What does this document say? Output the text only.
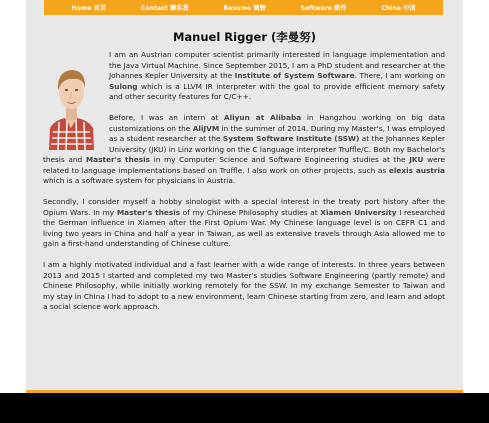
Home 首頁	Contact 聯系我	Resume 簡歷	Software 軟件	China 中国
Manuel Rigger (李曼努)

I am an Austrian computer scientist primarily interested in language implementation and the Java Virtual Machine. Since September 2015, I am a PhD student and researcher at the Johannes Kepler University at the Institute of System Software. There, I am working on Sulong which is a LLVM IR interpreter with the goal to provide efficient memory safety and other security features for C/C++.

Before, I was an intern at Aliyun at Alibaba in Hangzhou working on big data customizations on the AliJVM in the summer of 2014. During my Master's, I was employed as a student researcher at the System Software Institute (SSW) at the Johannes Kepler University (JKU) in Linz working on the C language interpreter Truffle/C. Both my Bachelor's thesis and Master's thesis in my Computer Science and Software Engineering studies at the JKU were related to language implementations based on Truffle. I also work on other projects, such as elexis austria which is a software system for physicians in Austria.

Secondly, I consider myself a hobby sinologist with a special interest in the treaty port history after the Opium Wars. In my Master's thesis of my Chinese Philosophy studies at Xiamen University I researched the German influence in Xiamen after the First Opium War. My Chinese language level is on CEFR C1 and living two years in China and half a year in Taiwan, as well as extensive travels through Asia allowed me to gain a first-hand understanding of Chinese culture.

I am a highly motivated individual and a fast learner with a wide range of interests. In three years between 2013 and 2015 I started and completed my two Master's studies Software Engineering (partly remote) and Chinese Philosophy, while initially working remotely for the SSW. In my exchange Semester to Taiwan and my stay in China I had to adopt to a new environment, learn Chinese starting from zero, and learn and adopt a social science work approach.
